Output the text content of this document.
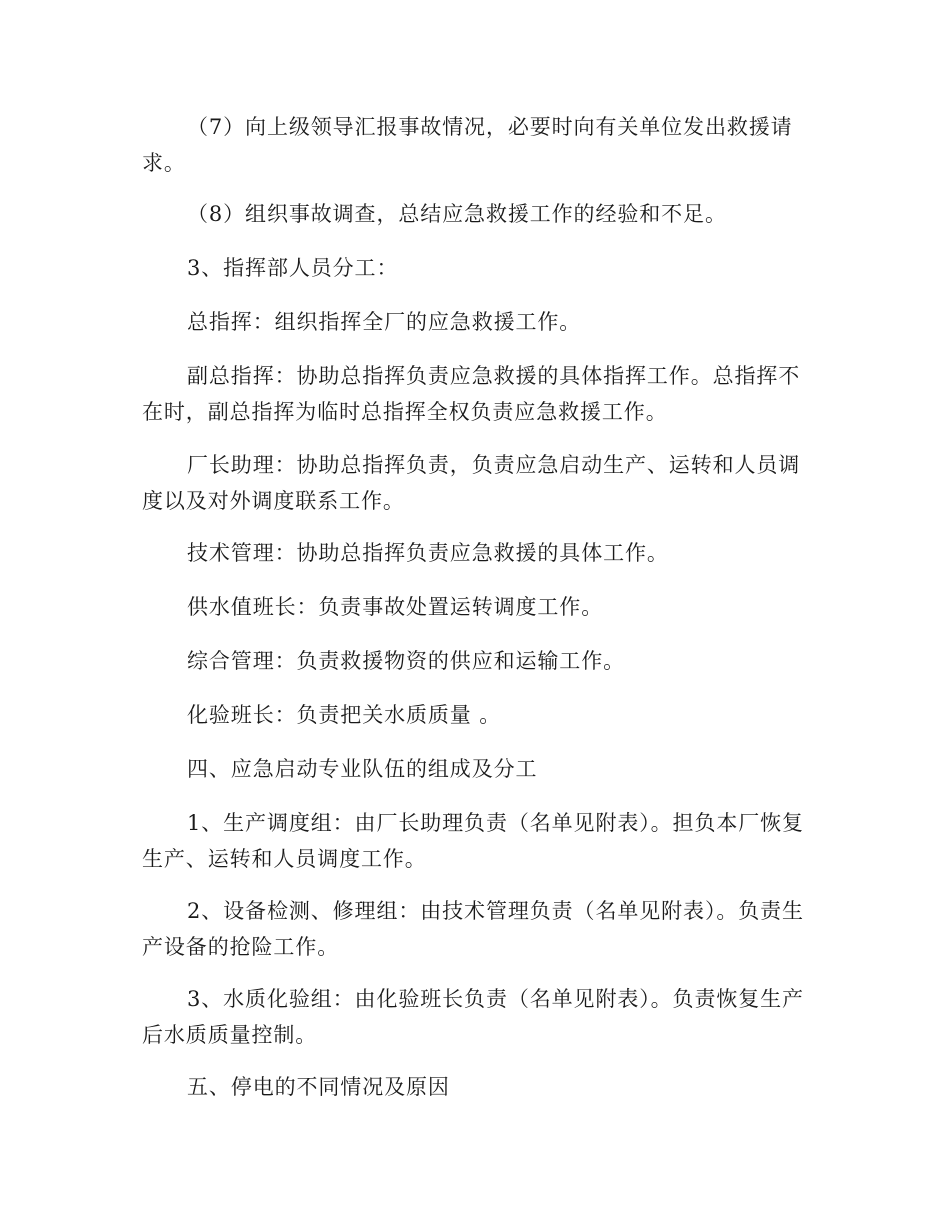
（7）向上级领导汇报事故情况，必要时向有关单位发出救援请求。

（8）组织事故调查，总结应急救援工作的经验和不足。

3、指挥部人员分工：

总指挥：组织指挥全厂的应急救援工作。

副总指挥：协助总指挥负责应急救援的具体指挥工作。总指挥不在时，副总指挥为临时总指挥全权负责应急救援工作。

厂长助理：协助总指挥负责，负责应急启动生产、运转和人员调度以及对外调度联系工作。

技术管理：协助总指挥负责应急救援的具体工作。

供水值班长：负责事故处置运转调度工作。

综合管理：负责救援物资的供应和运输工作。

化验班长：负责把关水质质量 。

四、应急启动专业队伍的组成及分工

1、生产调度组：由厂长助理负责（名单见附表）。担负本厂恢复生产、运转和人员调度工作。

2、设备检测、修理组：由技术管理负责（名单见附表）。负责生产设备的抢险工作。

3、水质化验组：由化验班长负责（名单见附表）。负责恢复生产后水质质量控制。

五、停电的不同情况及原因
